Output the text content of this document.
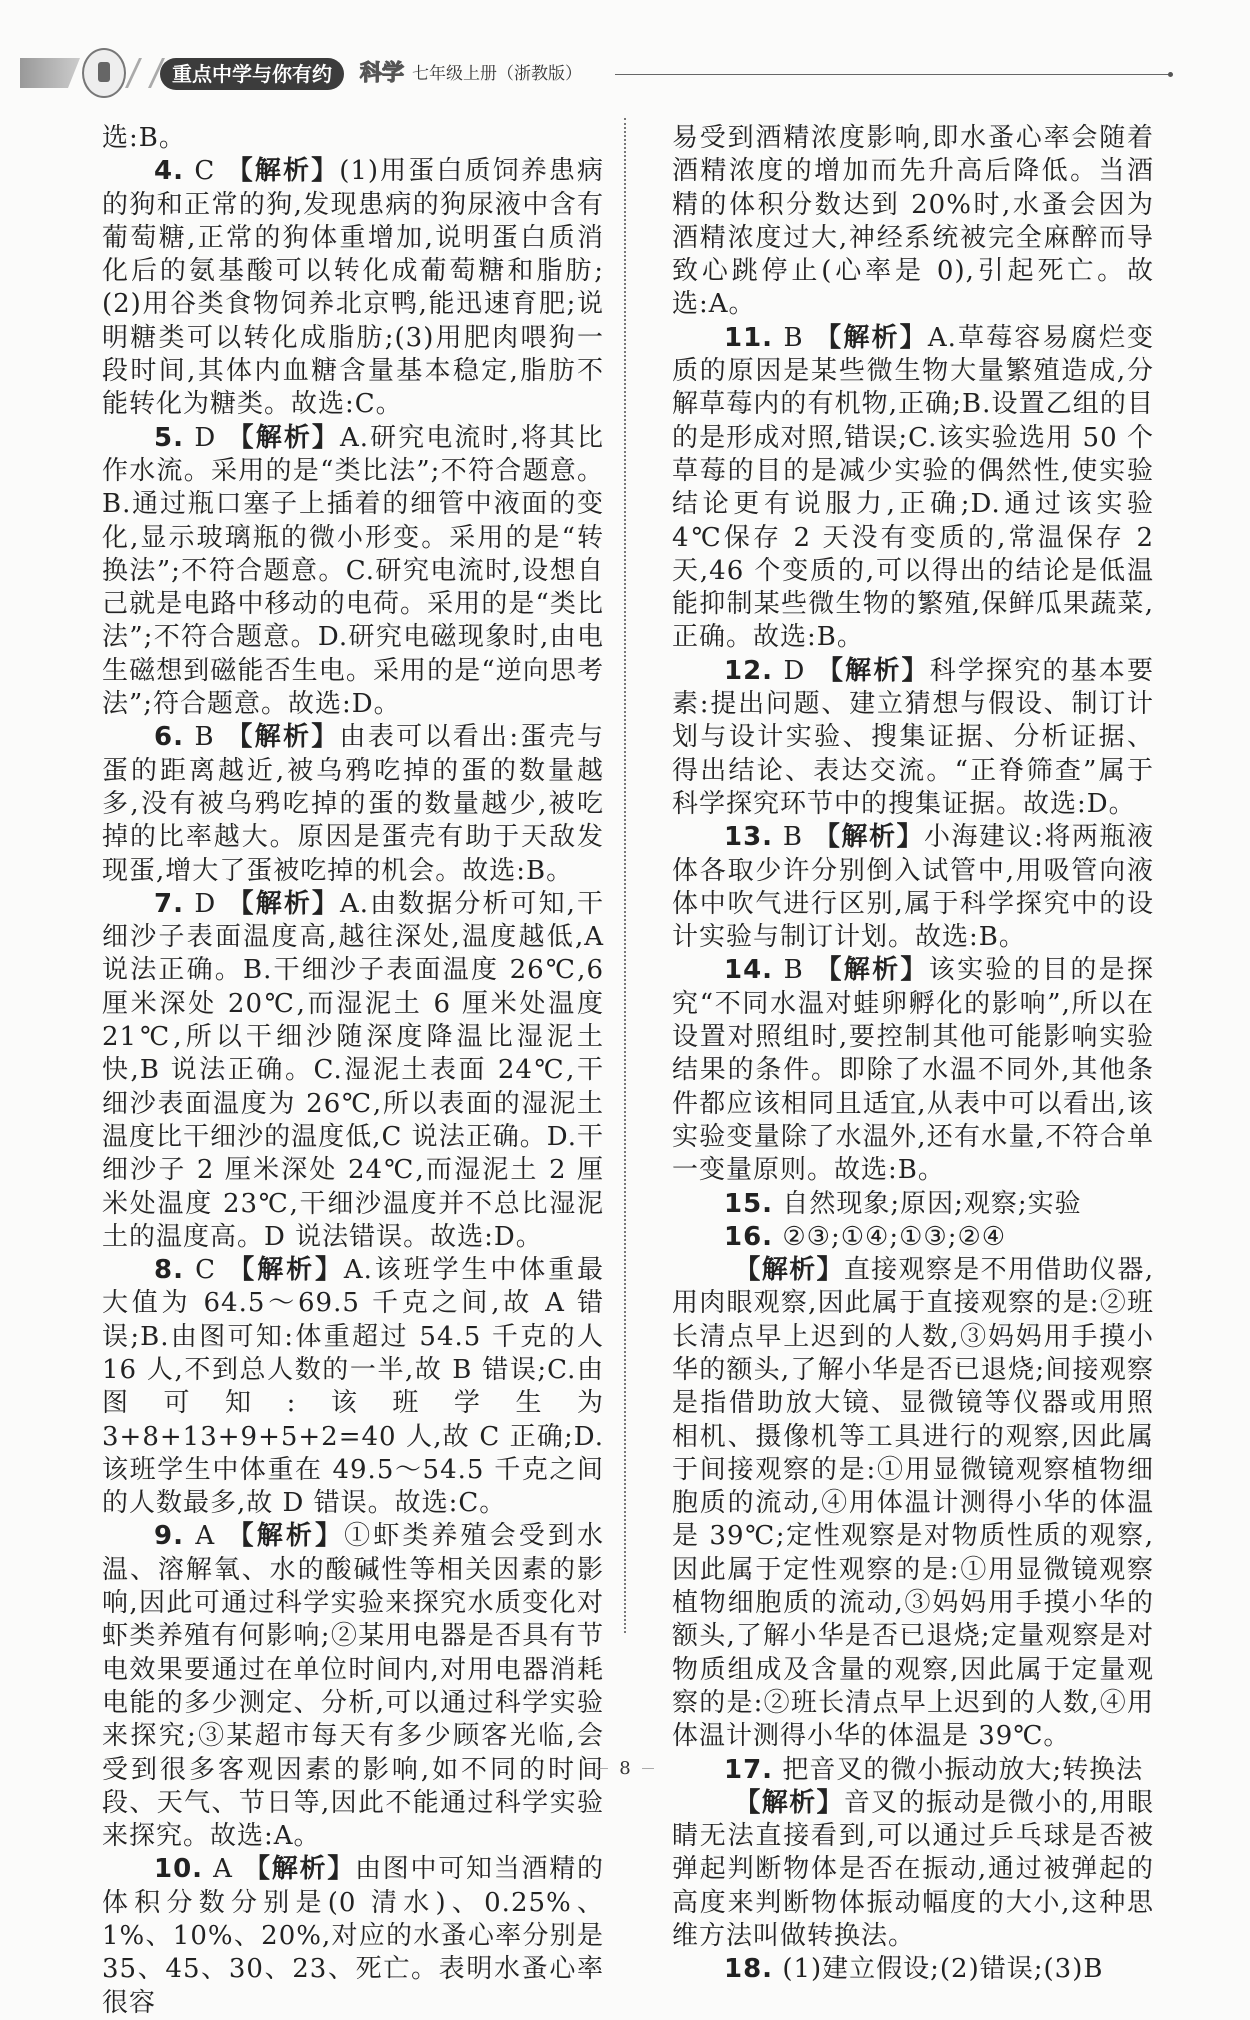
重点中学与你有约	科学 七年级上册（浙教版）

选:B。

4. C 【解析】(1)用蛋白质饲养患病的狗和正常的狗,发现患病的狗尿液中含有葡萄糖,正常的狗体重增加,说明蛋白质消化后的氨基酸可以转化成葡萄糖和脂肪;(2)用谷类食物饲养北京鸭,能迅速育肥;说明糖类可以转化成脂肪;(3)用肥肉喂狗一段时间,其体内血糖含量基本稳定,脂肪不能转化为糖类。故选:C。

5. D 【解析】A.研究电流时,将其比作水流。采用的是“类比法”;不符合题意。B.通过瓶口塞子上插着的细管中液面的变化,显示玻璃瓶的微小形变。采用的是“转换法”;不符合题意。C.研究电流时,设想自己就是电路中移动的电荷。采用的是“类比法”;不符合题意。D.研究电磁现象时,由电生磁想到磁能否生电。采用的是“逆向思考法”;符合题意。故选:D。

6. B 【解析】由表可以看出:蛋壳与蛋的距离越近,被乌鸦吃掉的蛋的数量越多,没有被乌鸦吃掉的蛋的数量越少,被吃掉的比率越大。原因是蛋壳有助于天敌发现蛋,增大了蛋被吃掉的机会。故选:B。

7. D 【解析】A.由数据分析可知,干细沙子表面温度高,越往深处,温度越低,A 说法正确。B.干细沙子表面温度 26℃,6 厘米深处 20℃,而湿泥土 6 厘米处温度 21℃,所以干细沙随深度降温比湿泥土快,B 说法正确。C.湿泥土表面 24℃,干细沙表面温度为 26℃,所以表面的湿泥土温度比干细沙的温度低,C 说法正确。D.干细沙子 2 厘米深处 24℃,而湿泥土 2 厘米处温度 23℃,干细沙温度并不总比湿泥土的温度高。D 说法错误。故选:D。

8. C 【解析】A.该班学生中体重最大值为 64.5～69.5 千克之间,故 A 错误;B.由图可知:体重超过 54.5 千克的人 16 人,不到总人数的一半,故 B 错误;C.由图可知:该班学生为 3+8+13+9+5+2=40 人,故 C 正确;D.该班学生中体重在 49.5～54.5 千克之间的人数最多,故 D 错误。故选:C。

9. A 【解析】①虾类养殖会受到水温、溶解氧、水的酸碱性等相关因素的影响,因此可通过科学实验来探究水质变化对虾类养殖有何影响;②某用电器是否具有节电效果要通过在单位时间内,对用电器消耗电能的多少测定、分析,可以通过科学实验来探究;③某超市每天有多少顾客光临,会受到很多客观因素的影响,如不同的时间段、天气、节日等,因此不能通过科学实验来探究。故选:A。

10. A 【解析】由图中可知当酒精的体积分数分别是(0 清水)、0.25%、1%、10%、20%,对应的水蚤心率分别是 35、45、30、23、死亡。表明水蚤心率很容

易受到酒精浓度影响,即水蚤心率会随着酒精浓度的增加而先升高后降低。当酒精的体积分数达到 20%时,水蚤会因为酒精浓度过大,神经系统被完全麻醉而导致心跳停止(心率是 0),引起死亡。故选:A。

11. B 【解析】A.草莓容易腐烂变质的原因是某些微生物大量繁殖造成,分解草莓内的有机物,正确;B.设置乙组的目的是形成对照,错误;C.该实验选用 50 个草莓的目的是减少实验的偶然性,使实验结论更有说服力,正确;D.通过该实验 4℃保存 2 天没有变质的,常温保存 2 天,46 个变质的,可以得出的结论是低温能抑制某些微生物的繁殖,保鲜瓜果蔬菜,正确。故选:B。

12. D 【解析】科学探究的基本要素:提出问题、建立猜想与假设、制订计划与设计实验、搜集证据、分析证据、得出结论、表达交流。“正脊筛查”属于科学探究环节中的搜集证据。故选:D。

13. B 【解析】小海建议:将两瓶液体各取少许分别倒入试管中,用吸管向液体中吹气进行区别,属于科学探究中的设计实验与制订计划。故选:B。

14. B 【解析】该实验的目的是探究“不同水温对蛙卵孵化的影响”,所以在设置对照组时,要控制其他可能影响实验结果的条件。即除了水温不同外,其他条件都应该相同且适宜,从表中可以看出,该实验变量除了水温外,还有水量,不符合单一变量原则。故选:B。

15. 自然现象;原因;观察;实验

16. ②③;①④;①③;②④

【解析】直接观察是不用借助仪器,用肉眼观察,因此属于直接观察的是:②班长清点早上迟到的人数,③妈妈用手摸小华的额头,了解小华是否已退烧;间接观察是指借助放大镜、显微镜等仪器或用照相机、摄像机等工具进行的观察,因此属于间接观察的是:①用显微镜观察植物细胞质的流动,④用体温计测得小华的体温是 39℃;定性观察是对物质性质的观察,因此属于定性观察的是:①用显微镜观察植物细胞质的流动,③妈妈用手摸小华的额头,了解小华是否已退烧;定量观察是对物质组成及含量的观察,因此属于定量观察的是:②班长清点早上迟到的人数,④用体温计测得小华的体温是 39℃。

17. 把音叉的微小振动放大;转换法

【解析】音叉的振动是微小的,用眼睛无法直接看到,可以通过乒乓球是否被弹起判断物体是否在振动,通过被弹起的高度来判断物体振动幅度的大小,这种思维方法叫做转换法。

18. (1)建立假设;(2)错误;(3)B

8
